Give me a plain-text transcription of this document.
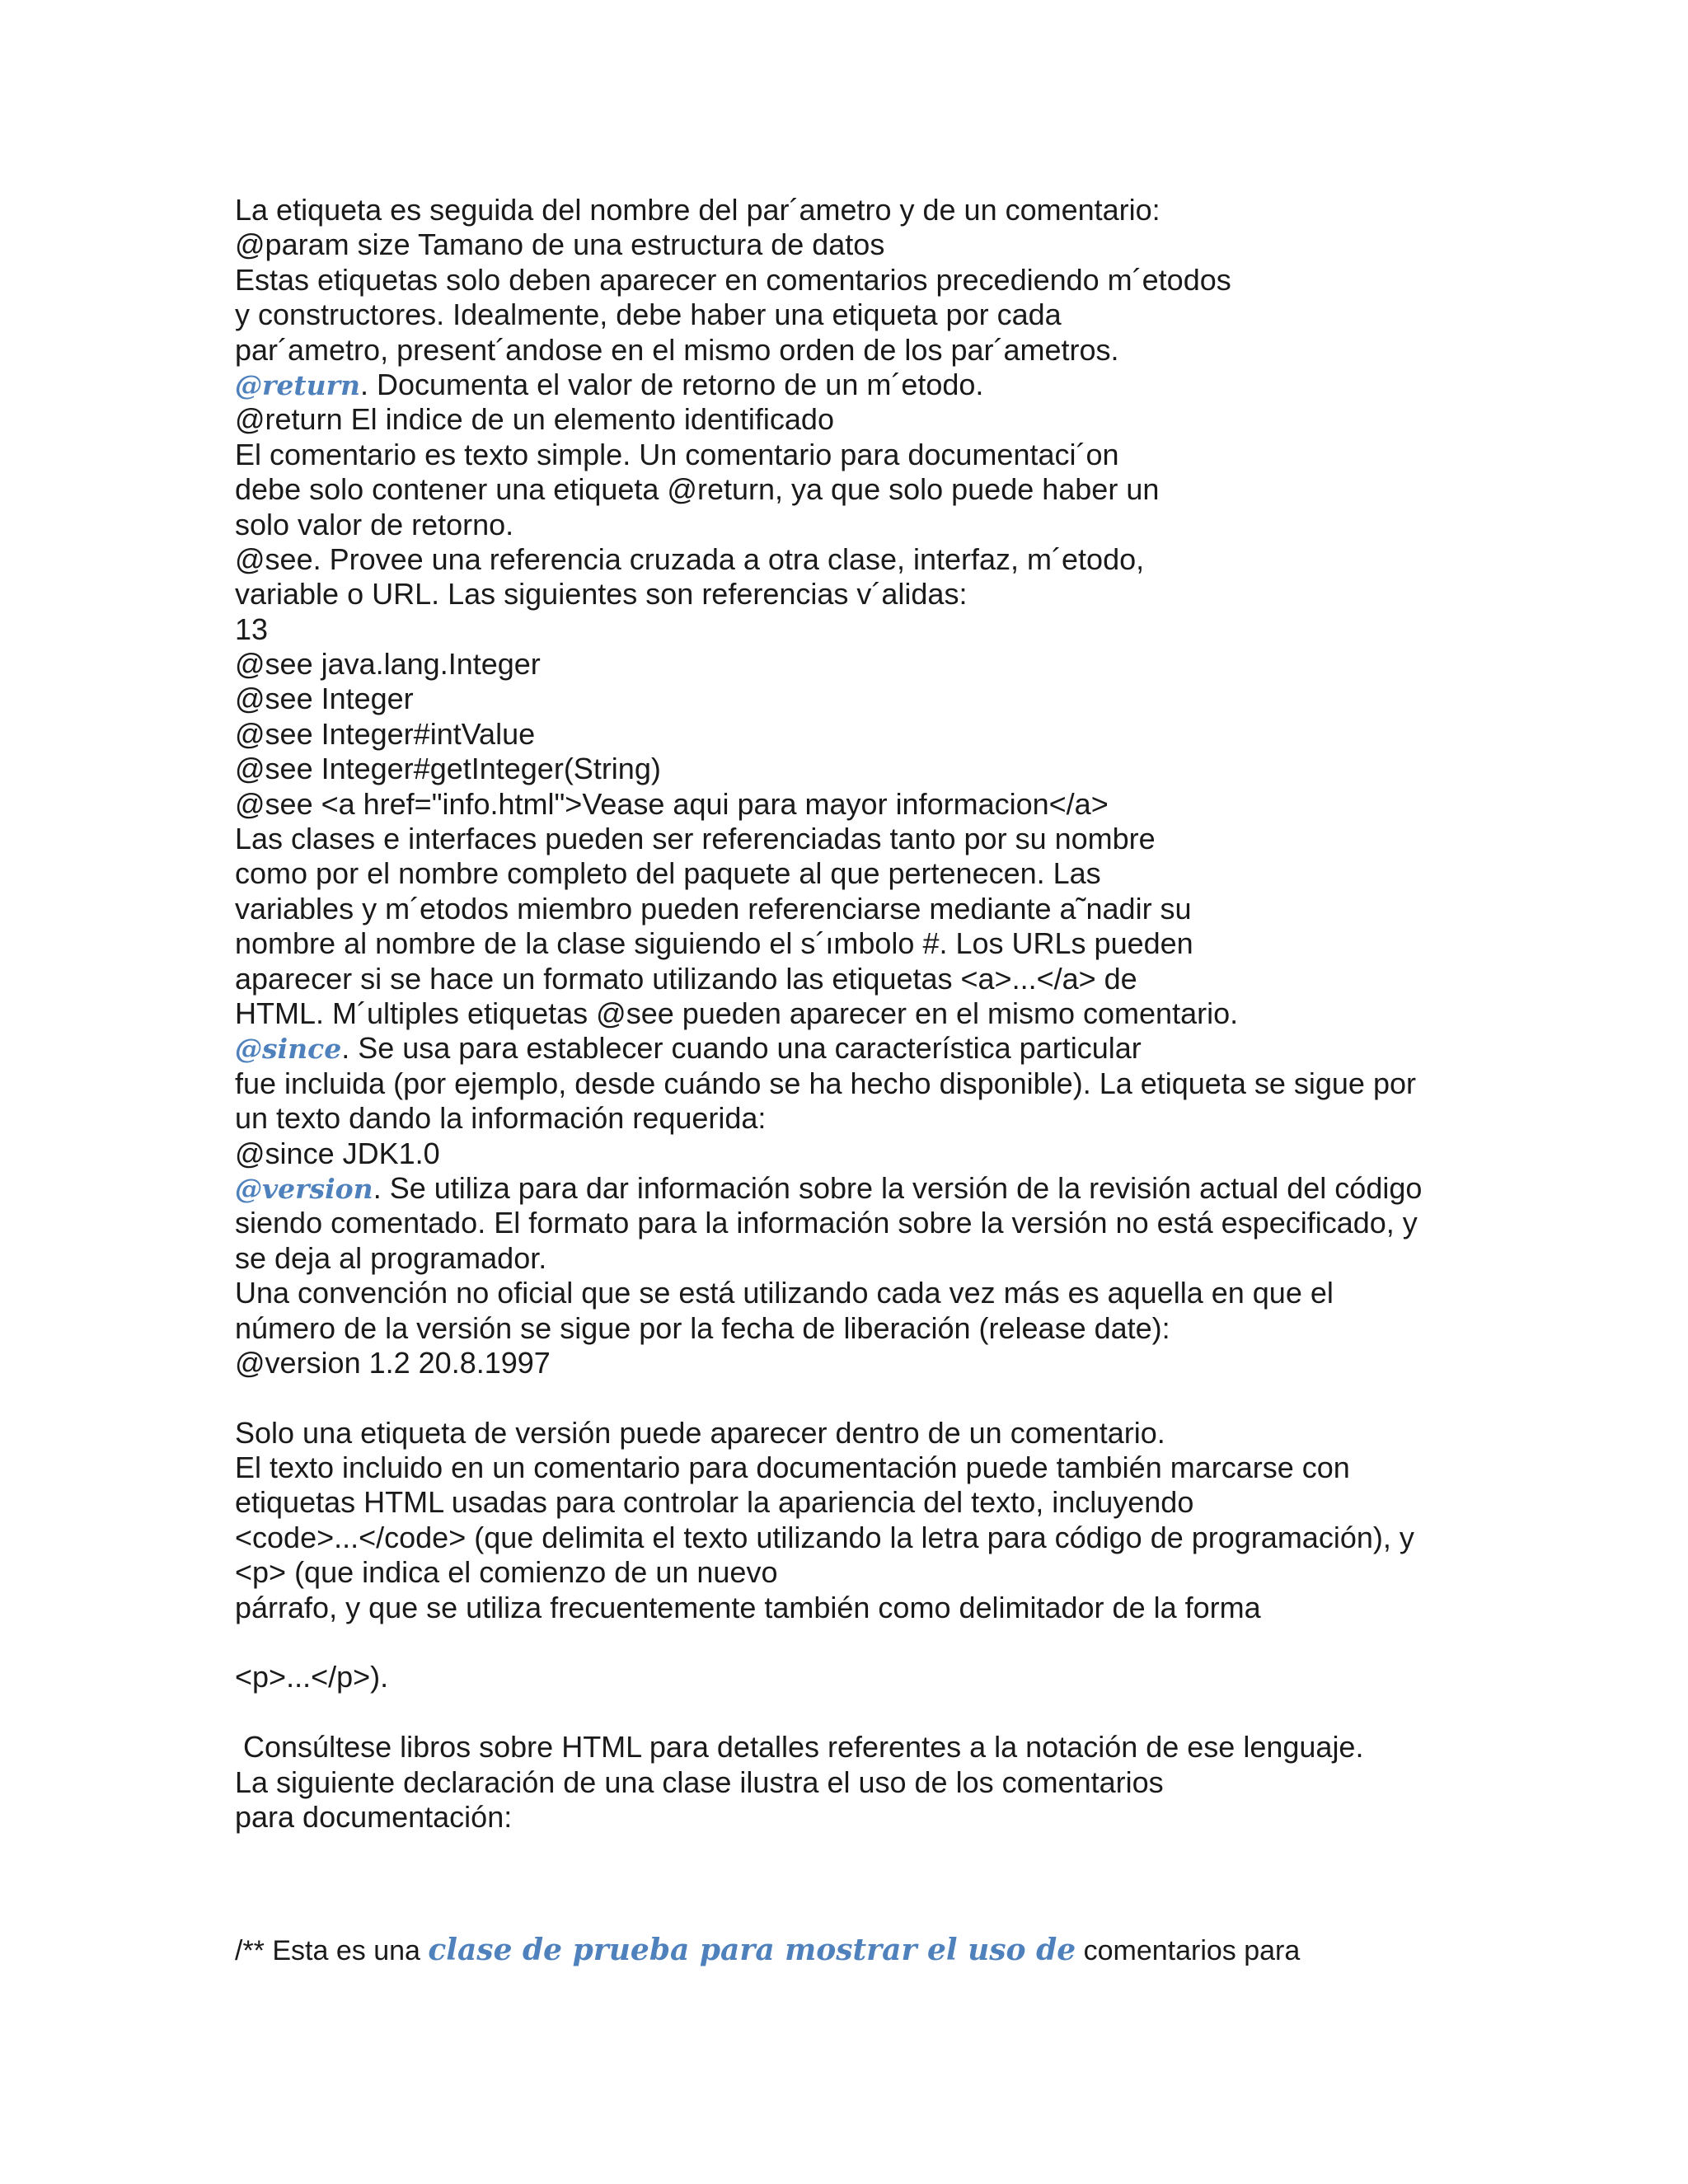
La etiqueta es seguida del nombre del par´ametro y de un comentario:
@param size Tamano de una estructura de datos
Estas etiquetas solo deben aparecer en comentarios precediendo m´etodos
y constructores. Idealmente, debe haber una etiqueta por cada
par´ametro, present´andose en el mismo orden de los par´ametros.
@return. Documenta el valor de retorno de un m´etodo.
@return El indice de un elemento identificado
El comentario es texto simple. Un comentario para documentaci´on
debe solo contener una etiqueta @return, ya que solo puede haber un
solo valor de retorno.
@see. Provee una referencia cruzada a otra clase, interfaz, m´etodo,
variable o URL. Las siguientes son referencias v´alidas:
13
@see java.lang.Integer
@see Integer
@see Integer#intValue
@see Integer#getInteger(String)
@see <a href="info.html">Vease aqui para mayor informacion</a>
Las clases e interfaces pueden ser referenciadas tanto por su nombre
como por el nombre completo del paquete al que pertenecen. Las
variables y m´etodos miembro pueden referenciarse mediante a˜nadir su
nombre al nombre de la clase siguiendo el s´ımbolo #. Los URLs pueden
aparecer si se hace un formato utilizando las etiquetas <a>...</a> de
HTML. M´ultiples etiquetas @see pueden aparecer en el mismo comentario.
@since. Se usa para establecer cuando una característica particular
fue incluida (por ejemplo, desde cuándo se ha hecho disponible). La etiqueta se sigue por
un texto dando la información requerida:
@since JDK1.0
@version. Se utiliza para dar información sobre la versión de la revisión actual del código
siendo comentado. El formato para la información sobre la versión no está especificado, y
se deja al programador.
Una convención no oficial que se está utilizando cada vez más es aquella en que el
número de la versión se sigue por la fecha de liberación (release date):
@version 1.2 20.8.1997
Solo una etiqueta de versión puede aparecer dentro de un comentario.
El texto incluido en un comentario para documentación puede también marcarse con
etiquetas HTML usadas para controlar la apariencia del texto, incluyendo
<code>...</code> (que delimita el texto utilizando la letra para código de programación), y
<p> (que indica el comienzo de un nuevo
párrafo, y que se utiliza frecuentemente también como delimitador de la forma
<p>...</p>).
Consúltese libros sobre HTML para detalles referentes a la notación de ese lenguaje.
La siguiente declaración de una clase ilustra el uso de los comentarios
para documentación:
/** Esta es una clase de prueba para mostrar el uso de comentarios para
